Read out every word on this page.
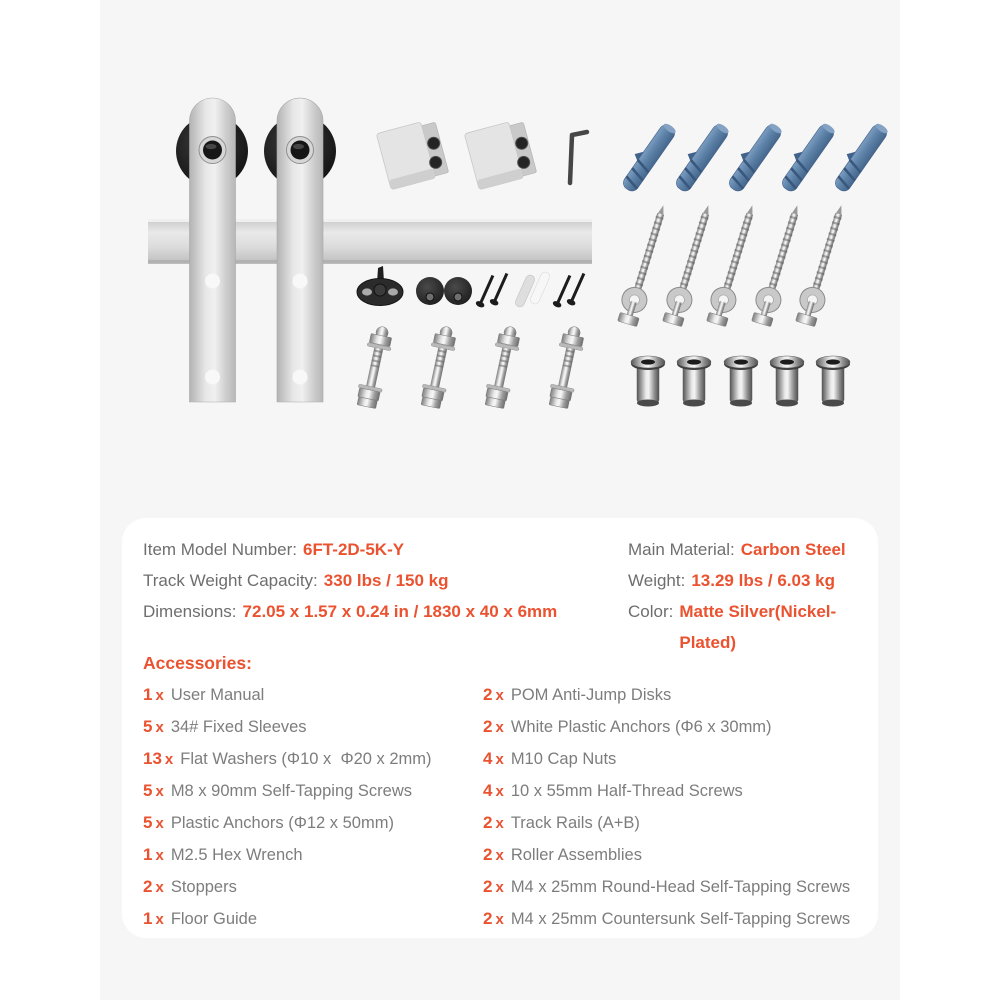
Item Model Number: 6FT-2D-5K-Y
Track Weight Capacity: 330 lbs / 150 kg
Dimensions: 72.05 x 1.57 x 0.24 in / 1830 x 40 x 6mm
Main Material: Carbon Steel
Weight: 13.29 lbs / 6.03 kg
Color: Matte Silver(Nickel-Plated)
Accessories:
1 x User Manual
5 x 34# Fixed Sleeves
13 x Flat Washers (Φ10 x  Φ20 x 2mm)
5 x M8 x 90mm Self-Tapping Screws
5 x Plastic Anchors (Φ12 x 50mm)
1 x M2.5 Hex Wrench
2 x Stoppers
1 x Floor Guide
2 x POM Anti-Jump Disks
2 x White Plastic Anchors (Φ6 x 30mm)
4 x M10 Cap Nuts
4 x 10 x 55mm Half-Thread Screws
2 x Track Rails (A+B)
2 x Roller Assemblies
2 x M4 x 25mm Round-Head Self-Tapping Screws
2 x M4 x 25mm Countersunk Self-Tapping Screws
